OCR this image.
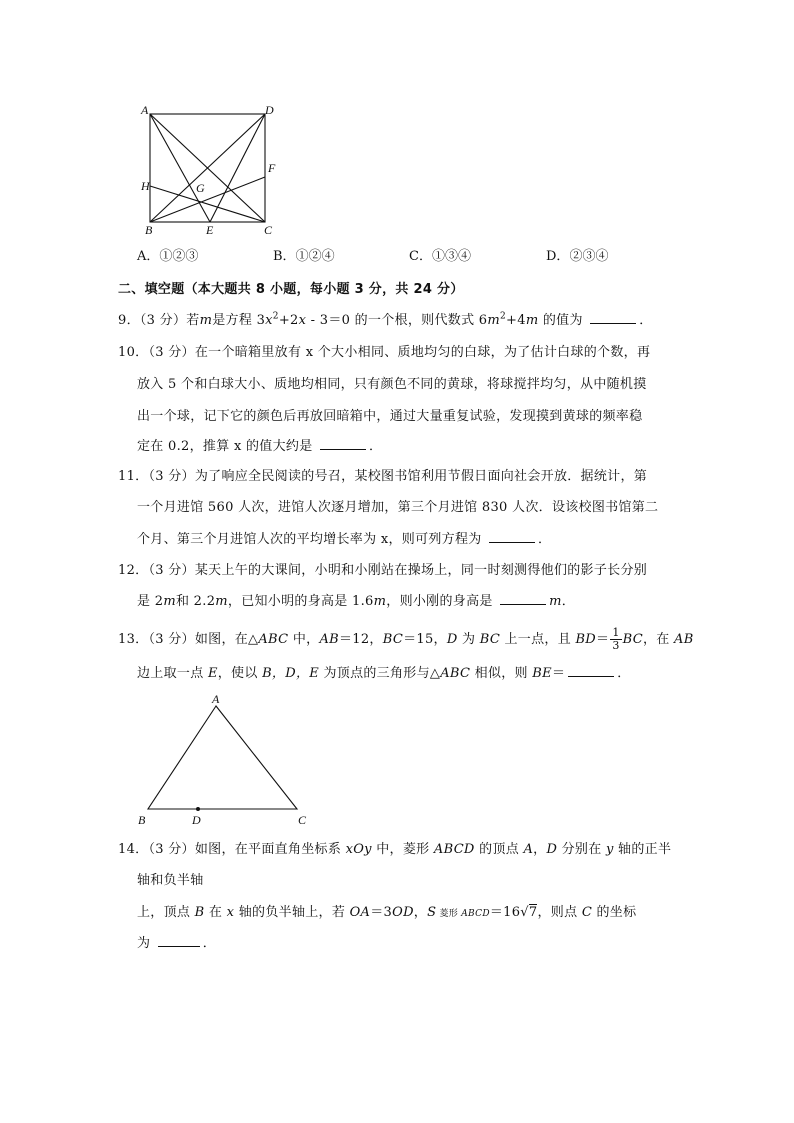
A	D
F
H	G
B	E	C
A．①②③	B．①②④	C．①③④	D．②③④
二、填空题（本大题共 8 小题，每小题 3 分，共 24 分）
9．（3 分）若m是方程 $3x^2+2x - 3=0$ 的一个根，则代数式 $6m^2+4m$ 的值为	．
10．（3 分）在一个暗箱里放有 x 个大小相同、质地均匀的白球，为了估计白球的个数，再
放入 5 个和白球大小、质地均相同，只有颜色不同的黄球，将球搅拌均匀，从中随机摸
出一个球，记下它的颜色后再放回暗箱中，通过大量重复试验，发现摸到黄球的频率稳
定在 0.2，推算 x 的值大约是	．
11．（3 分）为了响应全民阅读的号召，某校图书馆利用节假日面向社会开放．据统计，第
一个月进馆 560 人次，进馆人次逐月增加，第三个月进馆 830 人次．设该校图书馆第二
个月、第三个月进馆人次的平均增长率为 x，则可列方程为	．
12．（3 分）某天上午的大课间，小明和小刚站在操场上，同一时刻测得他们的影子长分别
是 2m和 2.2m，已知小明的身高是 1.6m，则小刚的身高是	m．
13．（3 分）如图，在△ABC 中，AB＝12，BC＝15，D 为 BC 上一点，且 $BD= \frac{1}{3}$ BC，在 AB
边上取一点 E，使以 B，D，E 为顶点的三角形与△ABC 相似，则 BE＝	．
A
B	D	C
14．（3 分）如图，在平面直角坐标系 xOy 中，菱形 ABCD 的顶点 A，D 分别在 y 轴的正半
轴和负半轴
上，顶点 B 在 x 轴的负半轴上，若 OA＝3OD，S 菱形 ABCD＝16√7，则点 C 的坐标
为	．
